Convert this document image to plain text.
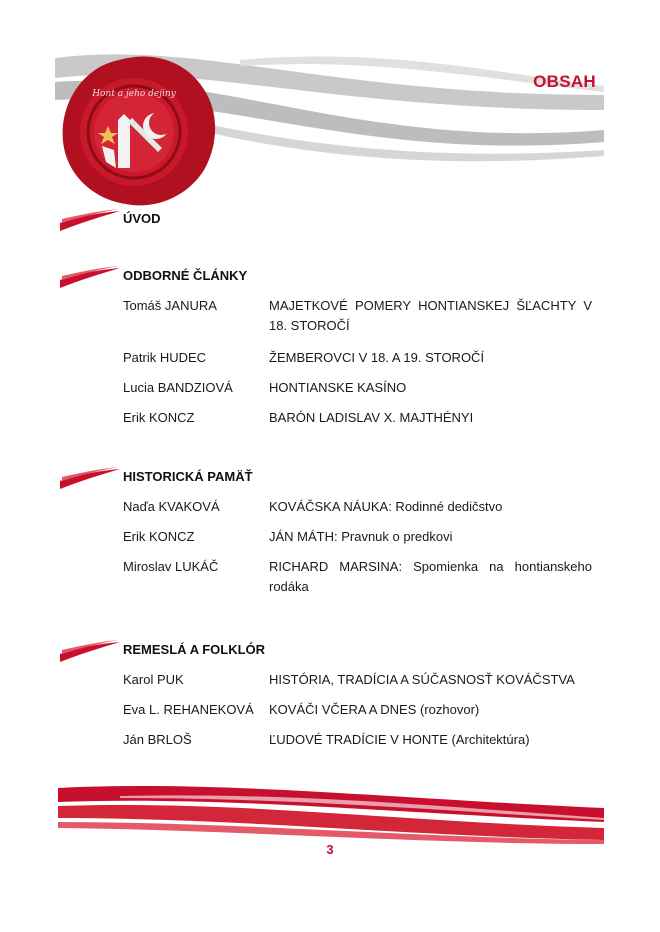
Hont a jeho dejiny
OBSAH
ÚVOD
ODBORNÉ ČLÁNKY
Tomáš JANURA	MAJETKOVÉ POMERY HONTIANSKEJ ŠĽACHTY V 18. STOROČÍ
Patrik HUDEC	ŽEMBEROVCI V 18. A 19. STOROČÍ
Lucia BANDZIOVÁ	HONTIANSKE KASÍNO
Erik KONCZ	BARÓN LADISLAV X. MAJTHÉNYI
HISTORICKÁ PAMÄŤ
Naďa KVAKOVÁ	KOVÁČSKA NÁUKA: Rodinné dedičstvo
Erik KONCZ	JÁN MÁTH: Pravnuk o predkovi
Miroslav LUKÁČ	RICHARD MARSINA: Spomienka na hontianskeho rodáka
REMESLÁ A FOLKLÓR
Karol PUK	HISTÓRIA, TRADÍCIA A SÚČASNOSŤ KOVÁČSTVA
Eva L. REHANEKOVÁ	KOVÁČI VČERA A DNES (rozhovor)
Ján BRLOŠ	ĽUDOVÉ TRADÍCIE V HONTE (Architektúra)
3
